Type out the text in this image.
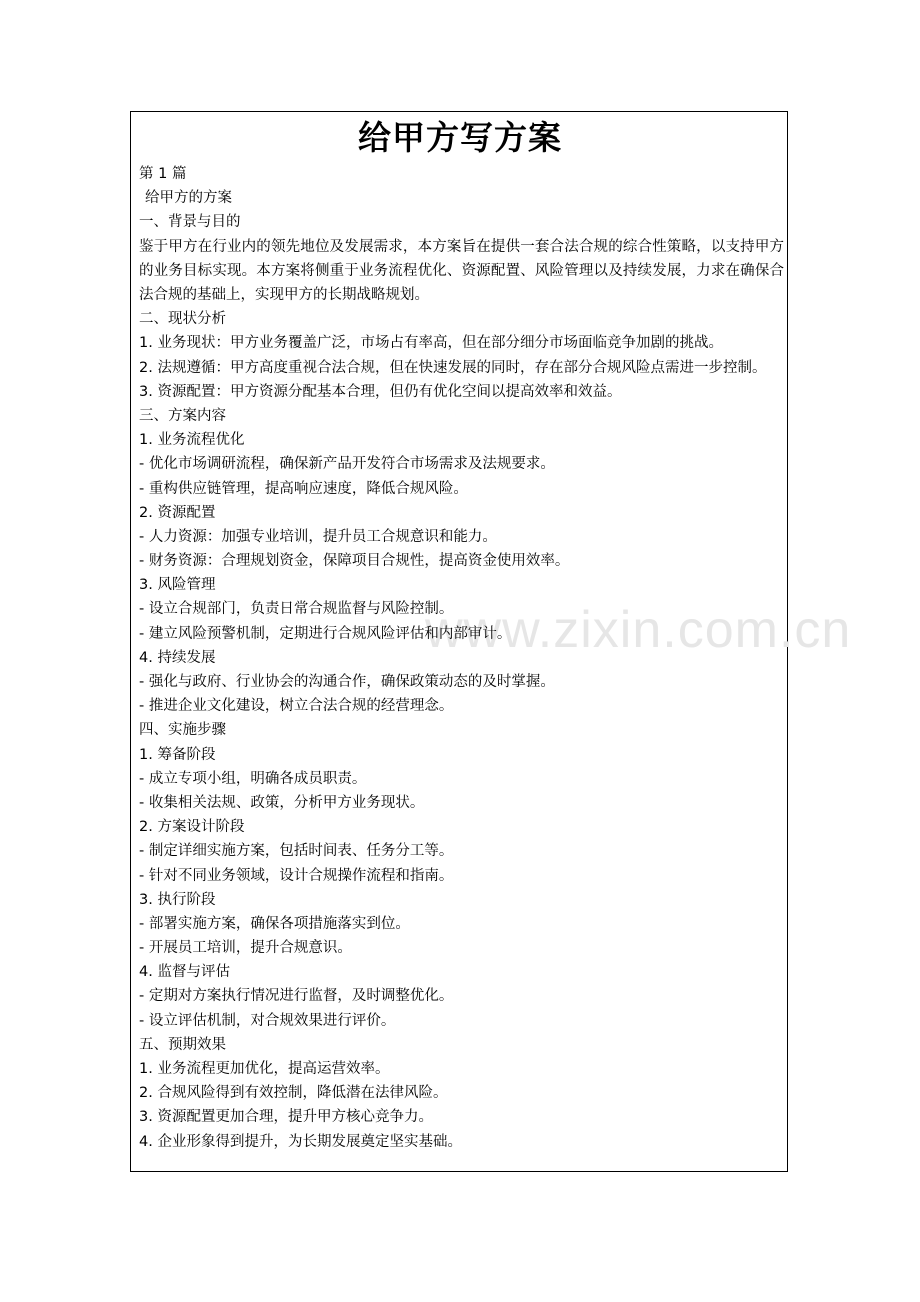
www.zixin.com.cn
给甲方写方案
第 1 篇
给甲方的方案
一、背景与目的
鉴于甲方在行业内的领先地位及发展需求，本方案旨在提供一套合法合规的综合性策略，以支持甲方的业务目标实现。本方案将侧重于业务流程优化、资源配置、风险管理以及持续发展，力求在确保合法合规的基础上，实现甲方的长期战略规划。
二、现状分析
1. 业务现状：甲方业务覆盖广泛，市场占有率高，但在部分细分市场面临竞争加剧的挑战。
2. 法规遵循：甲方高度重视合法合规，但在快速发展的同时，存在部分合规风险点需进一步控制。
3. 资源配置：甲方资源分配基本合理，但仍有优化空间以提高效率和效益。
三、方案内容
1. 业务流程优化
- 优化市场调研流程，确保新产品开发符合市场需求及法规要求。
- 重构供应链管理，提高响应速度，降低合规风险。
2. 资源配置
- 人力资源：加强专业培训，提升员工合规意识和能力。
- 财务资源：合理规划资金，保障项目合规性，提高资金使用效率。
3. 风险管理
- 设立合规部门，负责日常合规监督与风险控制。
- 建立风险预警机制，定期进行合规风险评估和内部审计。
4. 持续发展
- 强化与政府、行业协会的沟通合作，确保政策动态的及时掌握。
- 推进企业文化建设，树立合法合规的经营理念。
四、实施步骤
1. 筹备阶段
- 成立专项小组，明确各成员职责。
- 收集相关法规、政策，分析甲方业务现状。
2. 方案设计阶段
- 制定详细实施方案，包括时间表、任务分工等。
- 针对不同业务领域，设计合规操作流程和指南。
3. 执行阶段
- 部署实施方案，确保各项措施落实到位。
- 开展员工培训，提升合规意识。
4. 监督与评估
- 定期对方案执行情况进行监督，及时调整优化。
- 设立评估机制，对合规效果进行评价。
五、预期效果
1. 业务流程更加优化，提高运营效率。
2. 合规风险得到有效控制，降低潜在法律风险。
3. 资源配置更加合理，提升甲方核心竞争力。
4. 企业形象得到提升，为长期发展奠定坚实基础。
